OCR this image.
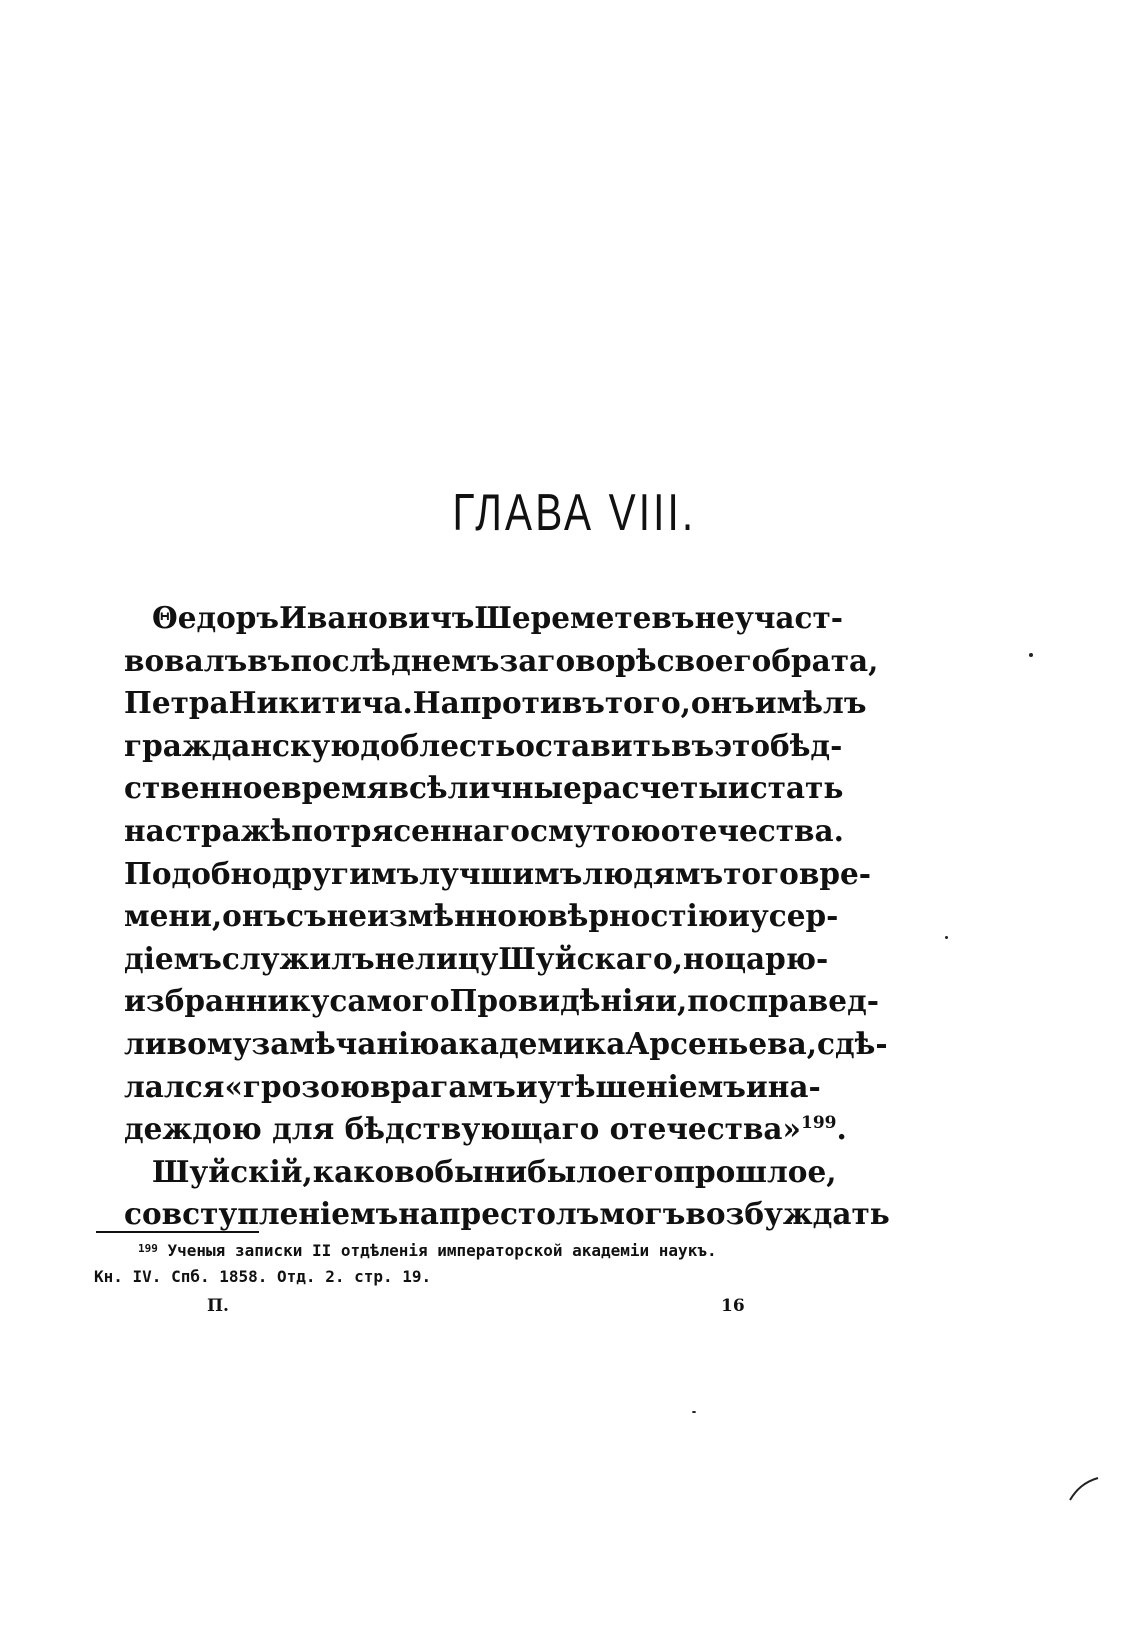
ГЛАВА VIII.
Θедоръ Ивановичъ Шереметевъ не участ-
вовалъ въ послѣднемъ заговорѣ своего брата,
Петра Никитича. Напротивъ того, онъ имѣлъ
гражданскую доблесть оставить въ это бѣд-
ственное время всѣ личные расчеты и стать
на стражѣ потрясеннаго смутою отечества.
Подобно другимъ лучшимъ людямъ того вре-
мени, онъ съ неизмѣнною вѣрностію и усер-
діемъ служилъ не лицу Шуйскаго, но царю-
избраннику самого Провидѣнія и, по справед-
ливому замѣчанію академика Арсеньева, сдѣ-
лался «грозою врагамъ и утѣшеніемъ и на-
деждою для бѣдствующаго отечества»$^{199}$.
Шуйскій, каково бы ни было его прошлое,
со вступленіемъ на престолъ могъ возбуждать
$^{199}$ Ученыя записки II отдѣленія императорской академіи наукъ.
Кн. IV. Спб. 1858. Отд. 2. стр. 19.
П.	16
